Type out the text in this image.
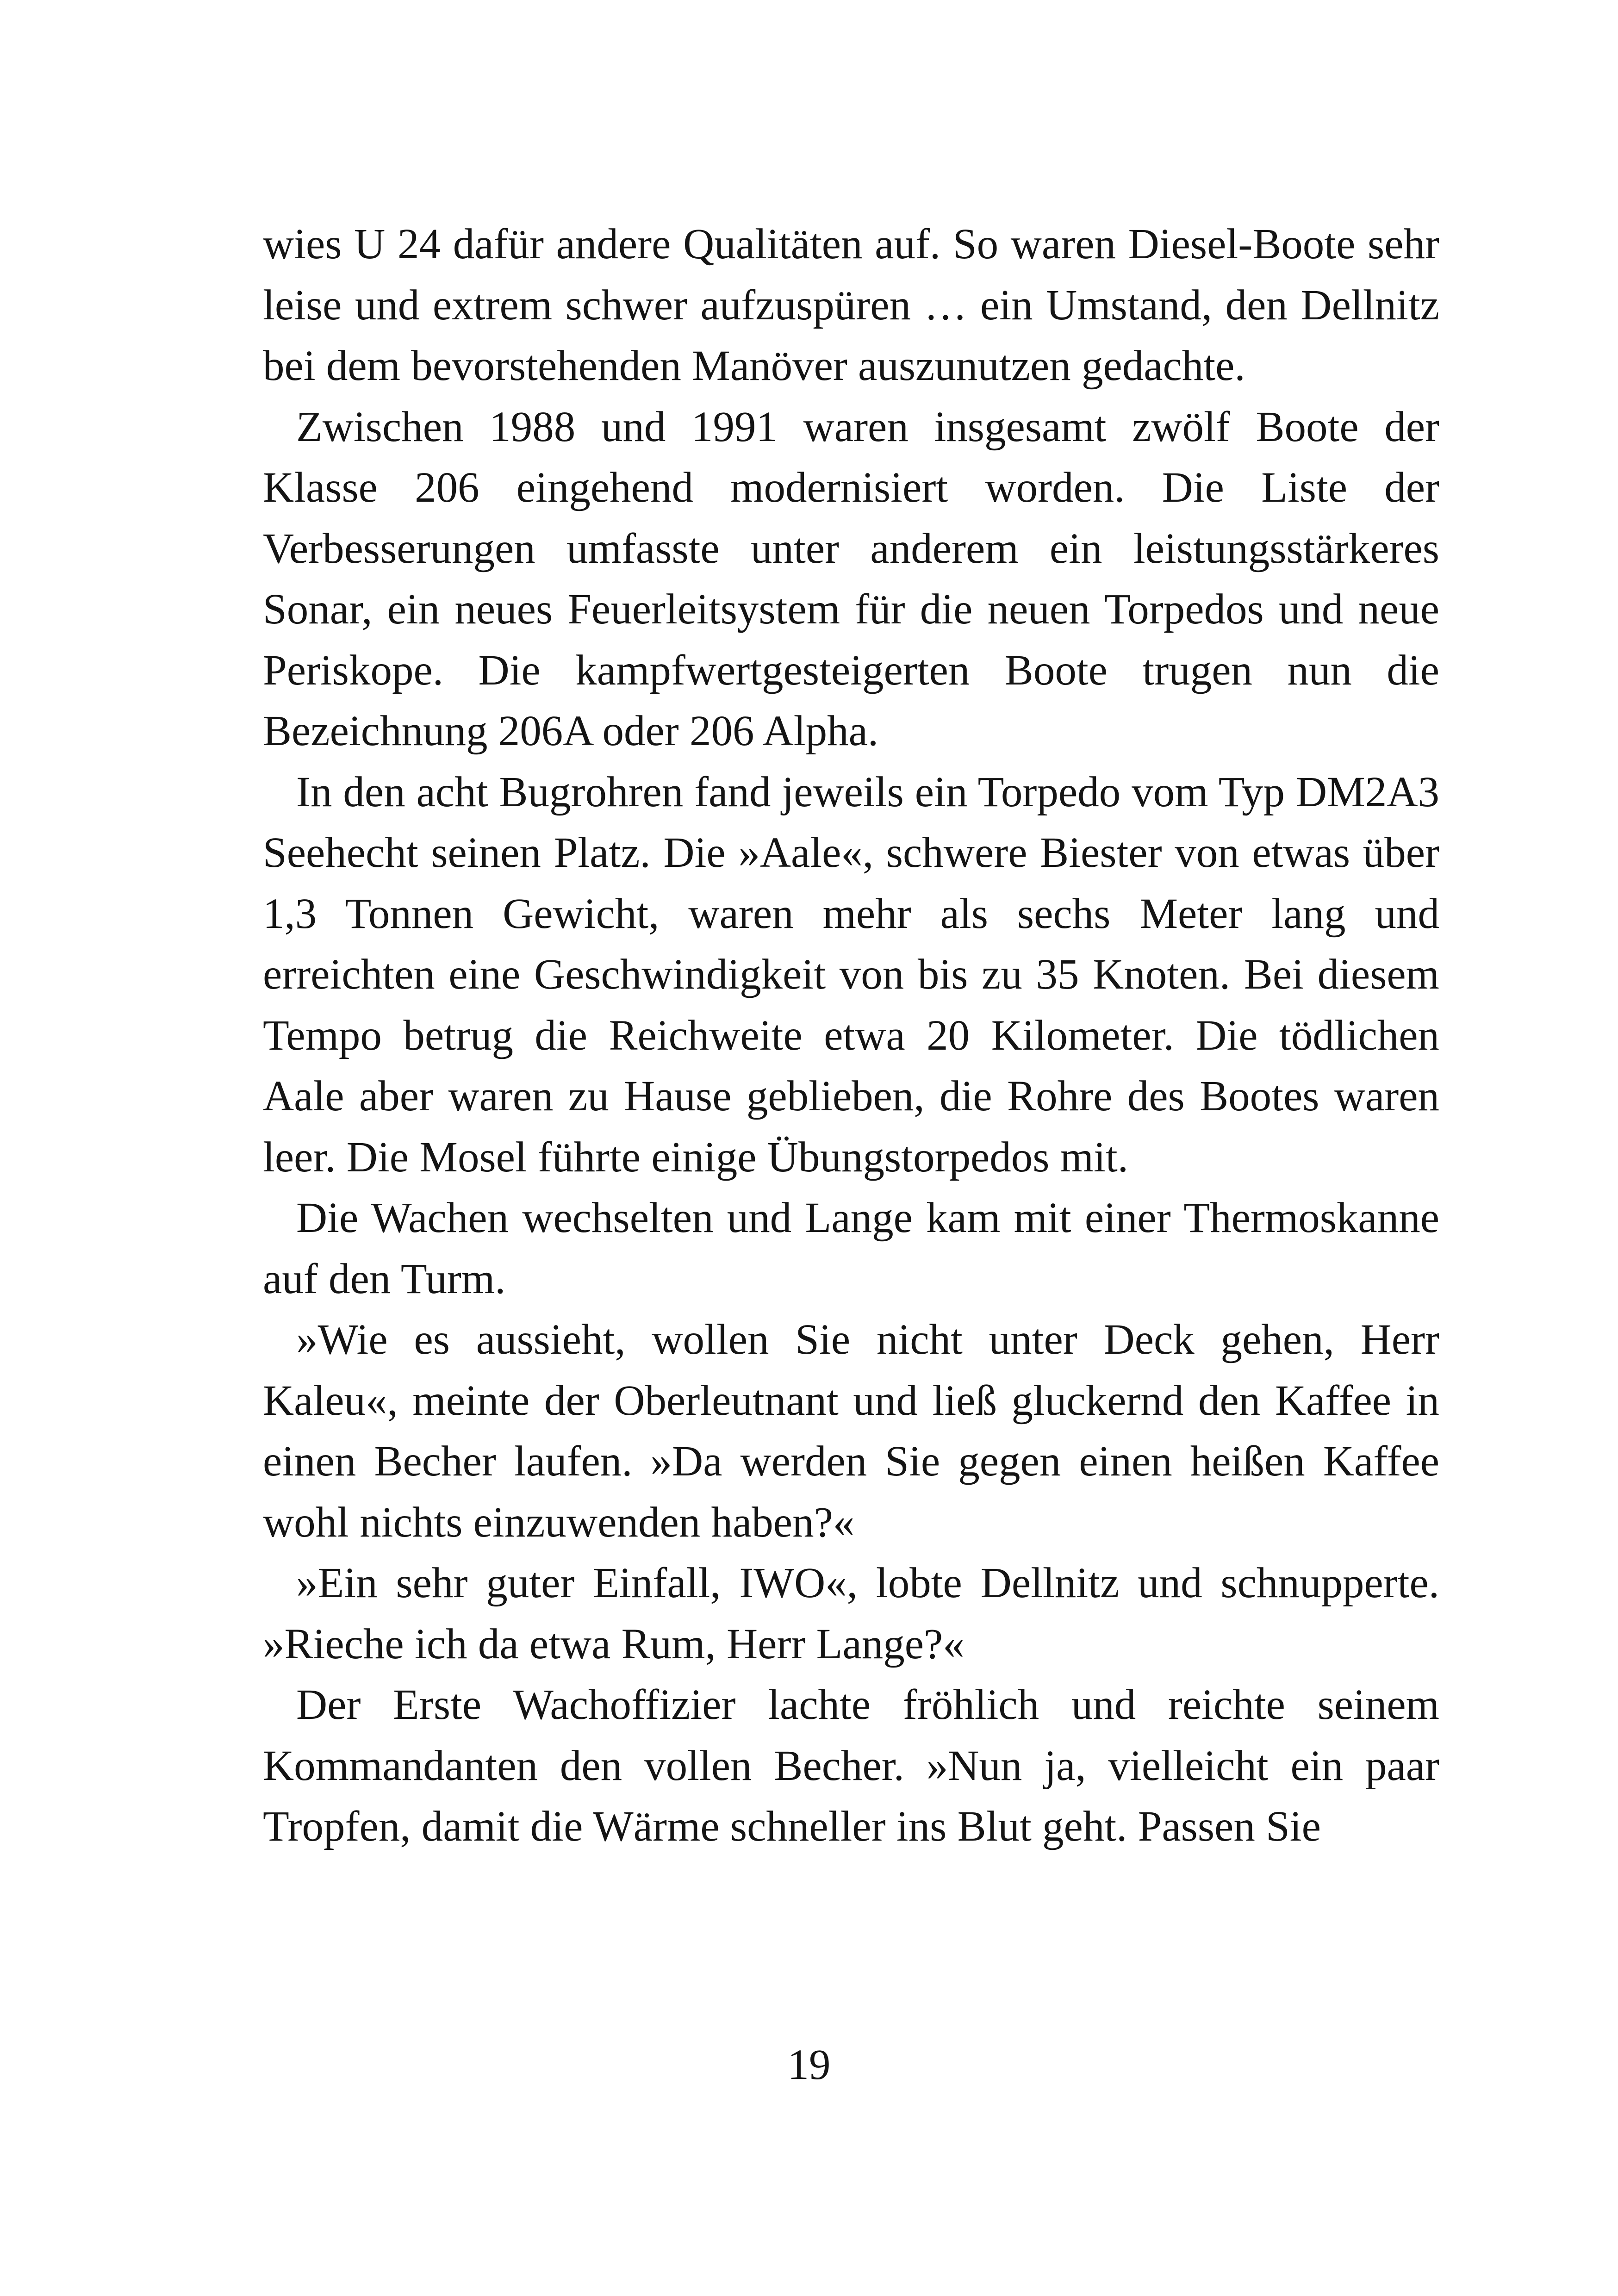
wies U 24 dafür andere Qualitäten auf. So waren Diesel-Boote sehr leise und extrem schwer aufzuspüren … ein Umstand, den Dellnitz bei dem bevorstehenden Manöver auszunutzen gedachte.

Zwischen 1988 und 1991 waren insgesamt zwölf Boote der Klasse 206 eingehend modernisiert worden. Die Liste der Verbesserungen umfasste unter anderem ein leistungsstärkeres Sonar, ein neues Feuerleitsystem für die neuen Torpedos und neue Periskope. Die kampfwertgesteigerten Boote trugen nun die Bezeichnung 206A oder 206 Alpha.

In den acht Bugrohren fand jeweils ein Torpedo vom Typ DM2A3 Seehecht seinen Platz. Die »Aale«, schwere Biester von etwas über 1,3 Tonnen Gewicht, waren mehr als sechs Meter lang und erreichten eine Geschwindigkeit von bis zu 35 Knoten. Bei diesem Tempo betrug die Reichweite etwa 20 Kilometer. Die tödlichen Aale aber waren zu Hause geblieben, die Rohre des Bootes waren leer. Die Mosel führte einige Übungstorpedos mit.

Die Wachen wechselten und Lange kam mit einer Thermoskanne auf den Turm.

»Wie es aussieht, wollen Sie nicht unter Deck gehen, Herr Kaleu«, meinte der Oberleutnant und ließ gluckernd den Kaffee in einen Becher laufen. »Da werden Sie gegen einen heißen Kaffee wohl nichts einzuwenden haben?«

»Ein sehr guter Einfall, IWO«, lobte Dellnitz und schnupperte. »Rieche ich da etwa Rum, Herr Lange?«

Der Erste Wachoffizier lachte fröhlich und reichte seinem Kommandanten den vollen Becher. »Nun ja, vielleicht ein paar Tropfen, damit die Wärme schneller ins Blut geht. Passen Sie

19
